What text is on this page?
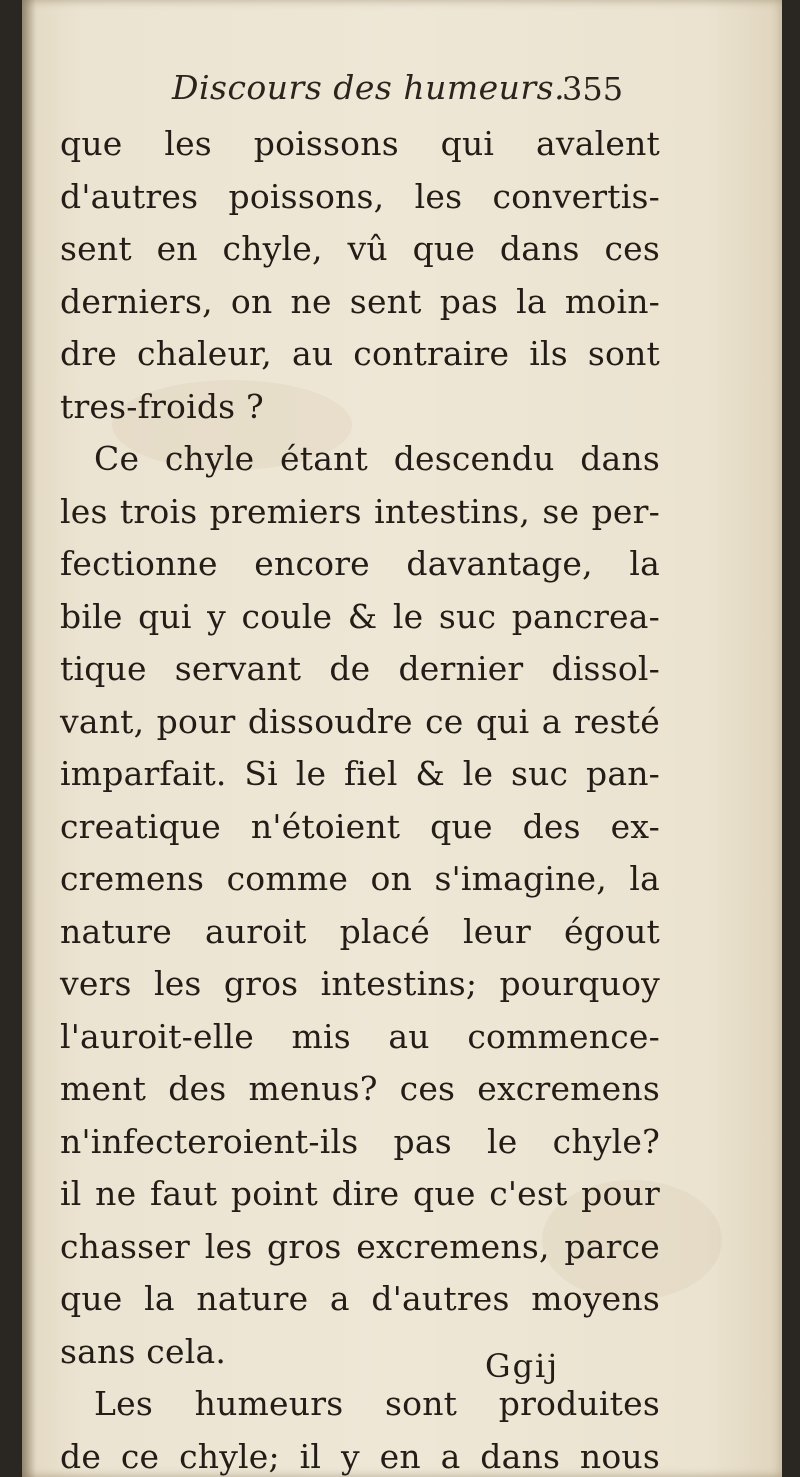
Discours des humeurs.
355
que les poissons qui avalent
d'autres poissons, les convertis-
sent en chyle, vû que dans ces
derniers, on ne sent pas la moin-
dre chaleur, au contraire ils sont
tres-froids ?
Ce chyle étant descendu dans
les trois premiers intestins, se per-
fectionne encore davantage, la
bile qui y coule & le suc pancrea-
tique servant de dernier dissol-
vant, pour dissoudre ce qui a resté
imparfait. Si le fiel & le suc pan-
creatique n'étoient que des ex-
cremens comme on s'imagine, la
nature auroit placé leur égout
vers les gros intestins; pourquoy
l'auroit-elle mis au commence-
ment des menus? ces excremens
n'infecteroient-ils pas le chyle?
il ne faut point dire que c'est pour
chasser les gros excremens, parce
que la nature a d'autres moyens
sans cela.
Les humeurs sont produites
de ce chyle; il y en a dans nous
Ggij
